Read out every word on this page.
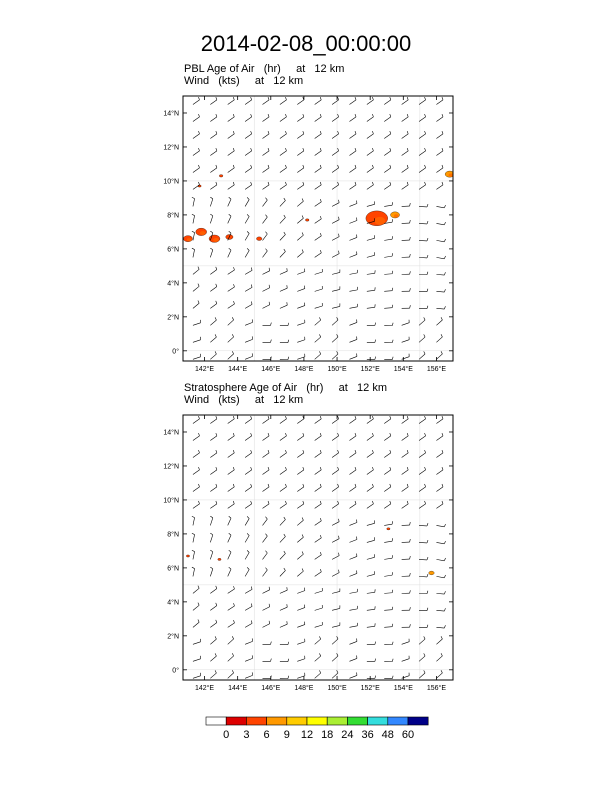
2014-02-08_00:00:00
PBL Age of Air   (hr)     at   12 km
Wind   (kts)     at   12 km
Stratosphere Age of Air   (hr)     at   12 km
Wind   (kts)     at   12 km
142°E 144°E 146°E 148°E 150°E 152°E 154°E 156°E
0°
2°N
4°N
6°N
8°N
10°N
12°N
14°N
142°E 144°E 146°E 148°E 150°E 152°E 154°E 156°E
0°
2°N
4°N
6°N
8°N
10°N
12°N
14°N
0 3 6 9 12 18 24 36 48 60
